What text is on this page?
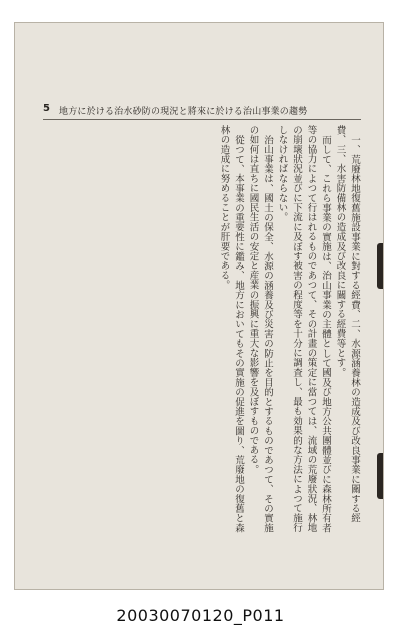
5 地方に於ける治水砂防の現況と將來に於ける治山事業の趨勢

一、荒廢林地復舊施設事業に對する經費、二、水源涵養林の造成及び改良事業に關する經費、三、水害防備林の造成及び改良に關する經費等とす。

而して、これら事業の實施は、治山事業の主體として國及び地方公共團體並びに森林所有者等の協力によつて行はれるものであつて、その計畫の策定に當つては、流域の荒廢狀況、林地の崩壞狀況並びに下流に及ぼす被害の程度等を十分に調査し、最も効果的な方法によつて施行しなければならない。

治山事業は、國土の保全、水源の涵養及び災害の防止を目的とするものであつて、その實施の如何は直ちに國民生活の安定と産業の振興に重大な影響を及ぼすものである。

從つて、本事業の重要性に鑑み、地方においてもその實施の促進を圖り、荒廢地の復舊と森林の造成に努めることが肝要である。

20030070120_P011
